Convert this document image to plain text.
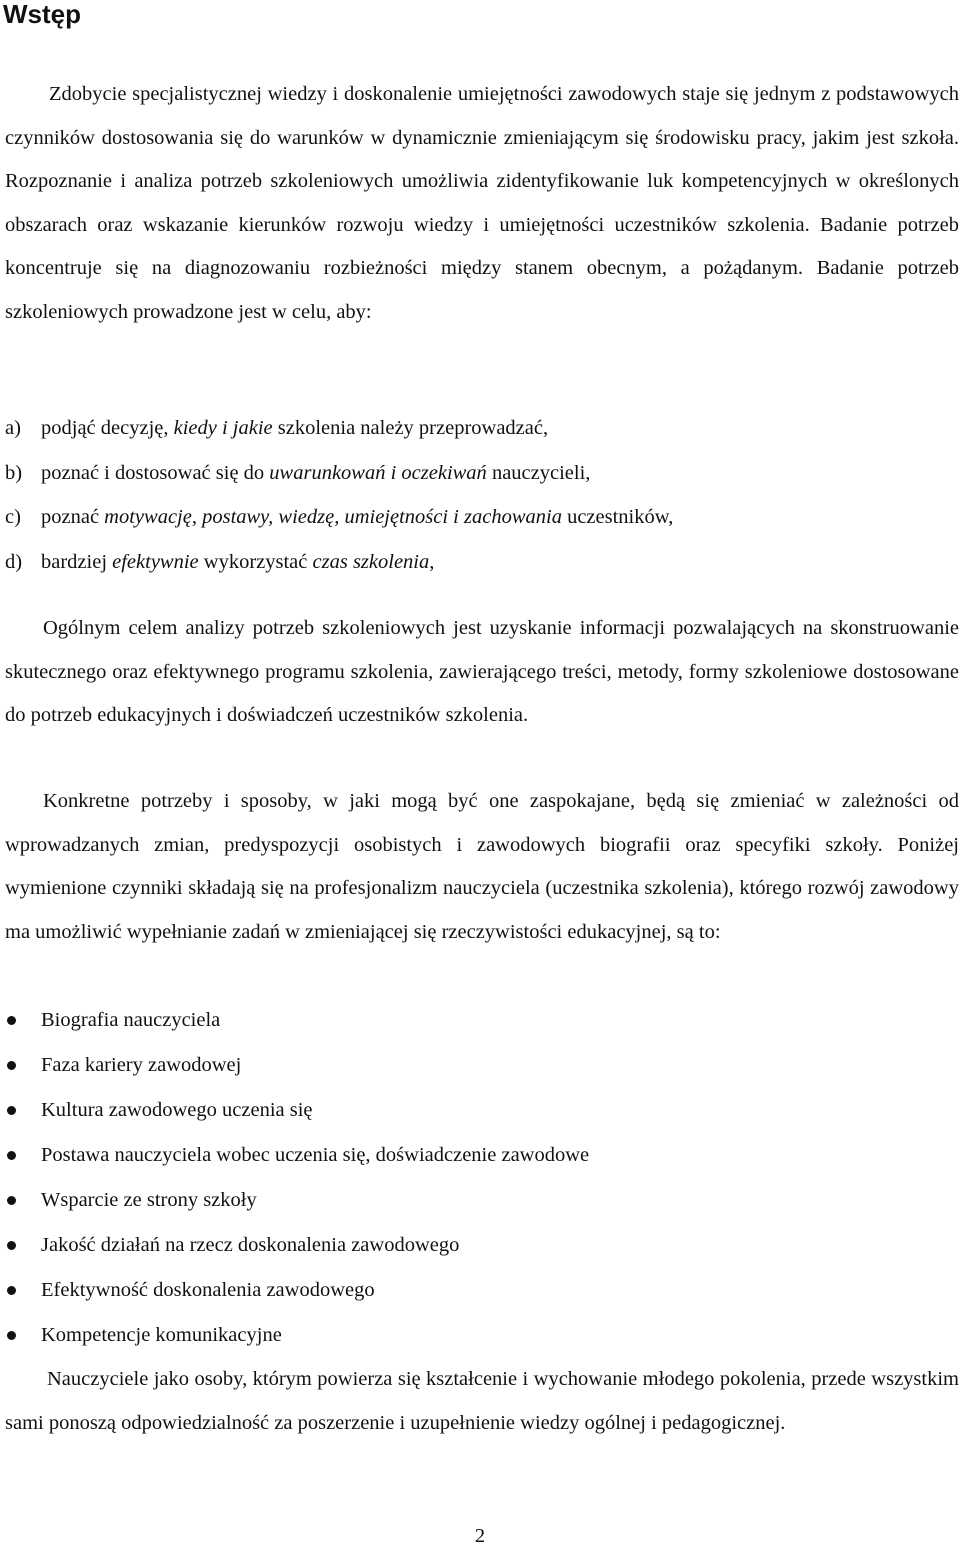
Wstęp

Zdobycie specjalistycznej wiedzy i doskonalenie umiejętności zawodowych staje się jednym z podstawowych czynników dostosowania się do warunków w dynamicznie zmieniającym się środowisku pracy, jakim jest szkoła. Rozpoznanie i analiza potrzeb szkoleniowych umożliwia zidentyfikowanie luk kompetencyjnych w określonych obszarach oraz wskazanie kierunków rozwoju wiedzy i umiejętności uczestników szkolenia. Badanie potrzeb koncentruje się na diagnozowaniu rozbieżności między stanem obecnym, a pożądanym. Badanie potrzeb szkoleniowych prowadzone jest w celu, aby:

a) podjąć decyzję, kiedy i jakie szkolenia należy przeprowadzać,
b) poznać i dostosować się do uwarunkowań i oczekiwań nauczycieli,
c) poznać motywację, postawy, wiedzę, umiejętności i zachowania uczestników,
d) bardziej efektywnie wykorzystać czas szkolenia,

Ogólnym celem analizy potrzeb szkoleniowych jest uzyskanie informacji pozwalających na skonstruowanie skutecznego oraz efektywnego programu szkolenia, zawierającego treści, metody, formy szkoleniowe dostosowane do potrzeb edukacyjnych i doświadczeń uczestników szkolenia.

Konkretne potrzeby i sposoby, w jaki mogą być one zaspokajane, będą się zmieniać w zależności od wprowadzanych zmian, predyspozycji osobistych i zawodowych biografii oraz specyfiki szkoły. Poniżej wymienione czynniki składają się na profesjonalizm nauczyciela (uczestnika szkolenia), którego rozwój zawodowy ma umożliwić wypełnianie zadań w zmieniającej się rzeczywistości edukacyjnej, są to:

Biografia nauczyciela
Faza kariery zawodowej
Kultura zawodowego uczenia się
Postawa nauczyciela wobec uczenia się, doświadczenie zawodowe
Wsparcie ze strony szkoły
Jakość działań na rzecz doskonalenia zawodowego
Efektywność doskonalenia zawodowego
Kompetencje komunikacyjne

Nauczyciele jako osoby, którym powierza się kształcenie i wychowanie młodego pokolenia, przede wszystkim sami ponoszą odpowiedzialność za poszerzenie i uzupełnienie wiedzy ogólnej i pedagogicznej.

2
